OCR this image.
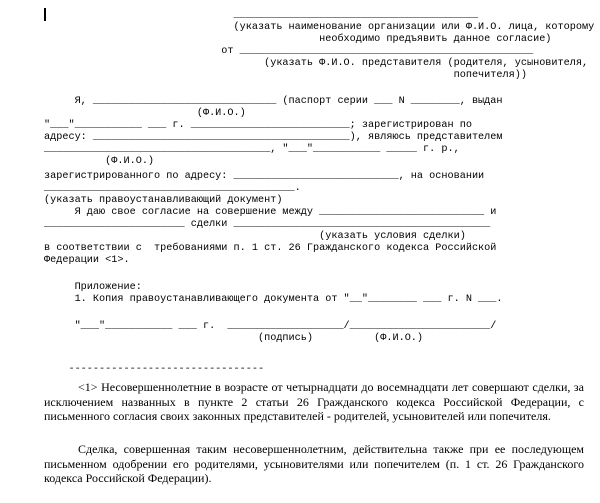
________________________________________
(указать наименование организации или Ф.И.О. лица, которому
необходимо предъявить данное согласие)
от ________________________________________________
(указать Ф.И.О. представителя (родителя, усыновителя,
попечителя))
Я, ______________________________ (паспорт серии ___ N ________, выдан
(Ф.И.О.)
"___"___________ ___ г. __________________________; зарегистрирован по
адресу: __________________________________________), являюсь представителем
_____________________________________, "___"___________ _____ г. р.,
(Ф.И.О.)
зарегистрированного по адресу: ___________________________, на основании
_________________________________________.
(указать правоустанавливающий документ)
Я даю свое согласие на совершение между ___________________________ и
_______________________ сделки __________________________________________
(указать условия сделки)
в соответствии с  требованиями п. 1 ст. 26 Гражданского кодекса Российской
Федерации <1>.
Приложение:
1. Копия правоустанавливающего документа от "__"________ ___ г. N ___.
"___"___________ ___ г.  ___________________/_______________________/
(подпись)          (Ф.И.О.)
--------------------------------
<1> Несовершеннолетние в возрасте от четырнадцати до восемнадцати лет совершают сделки, за исключением названных в пункте 2 статьи 26 Гражданского кодекса Российской Федерации, с письменного согласия своих законных представителей - родителей, усыновителей или попечителя.
Сделка, совершенная таким несовершеннолетним, действительна также при ее последующем письменном одобрении его родителями, усыновителями или попечителем (п. 1 ст. 26 Гражданского кодекса Российской Федерации).
